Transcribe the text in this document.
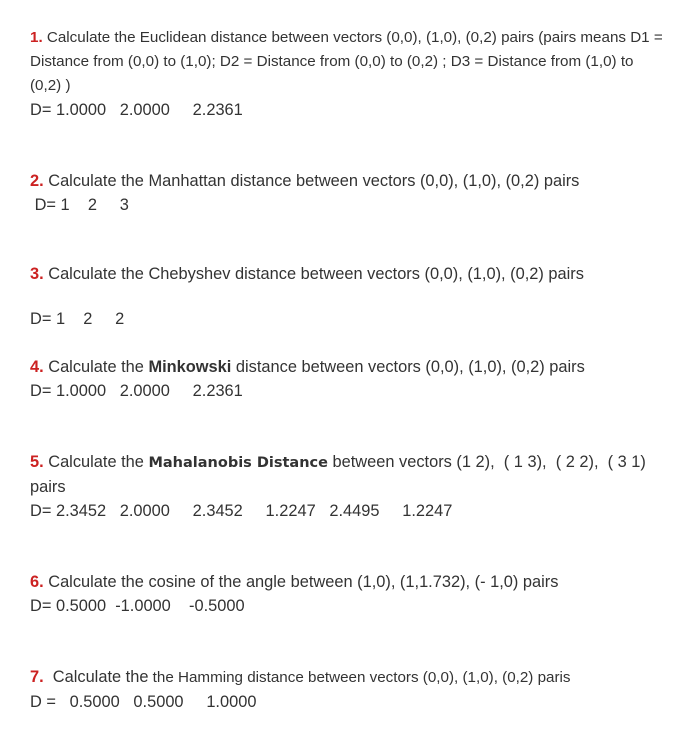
1. Calculate the Euclidean distance between vectors (0,0), (1,0), (0,2) pairs (pairs means D1 = Distance from (0,0) to (1,0); D2 = Distance from (0,0) to (0,2) ; D3 = Distance from (1,0) to (0,2) )

D= 1.0000   2.0000     2.2361

2. Calculate the Manhattan distance between vectors (0,0), (1,0), (0,2) pairs

D= 1    2     3

3. Calculate the Chebyshev distance between vectors (0,0), (1,0), (0,2) pairs

D= 1    2     2

4. Calculate the Minkowski distance between vectors (0,0), (1,0), (0,2) pairs

D= 1.0000   2.0000     2.2361

5. Calculate the Mahalanobis Distance between vectors (1 2),  ( 1 3),  ( 2 2),  ( 3 1)   pairs

D= 2.3452   2.0000     2.3452     1.2247   2.4495     1.2247

6. Calculate the cosine of the angle between (1,0), (1,1.732), (- 1,0) pairs

D= 0.5000  -1.0000    -0.5000

7.  Calculate the the Hamming distance between vectors (0,0), (1,0), (0,2) paris

D =   0.5000   0.5000     1.0000
